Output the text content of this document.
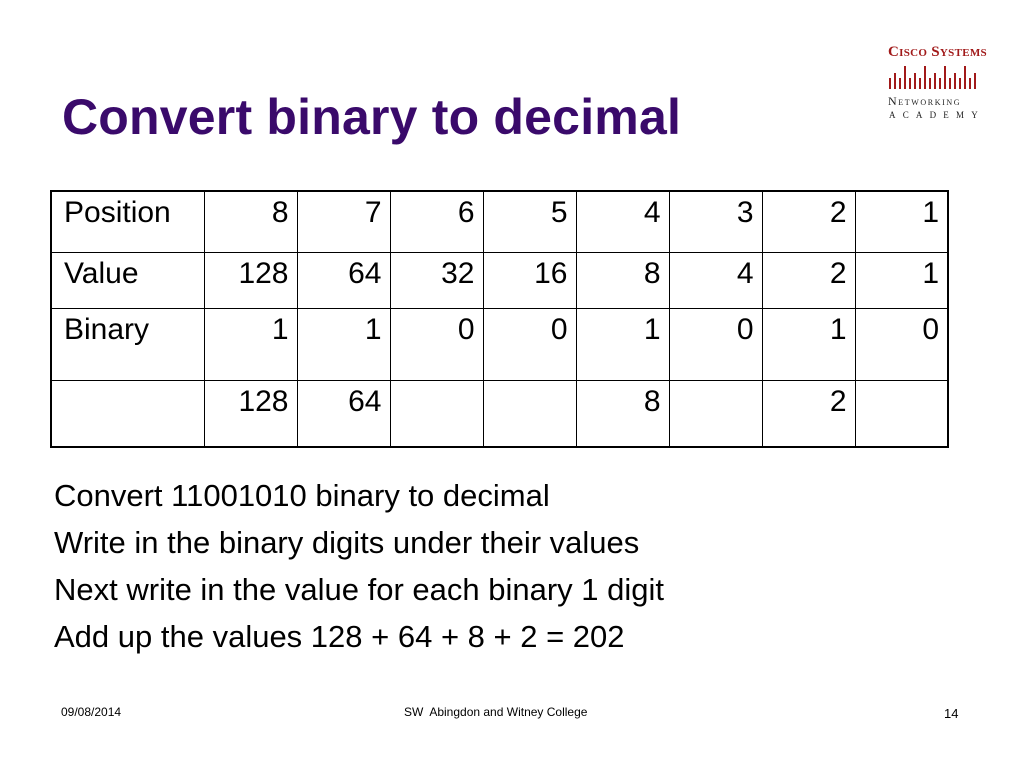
Convert binary to decimal
Cisco Systems
Networking
ACADEMY
Position	8	7	6	5	4	3	2	1
Value	128	64	32	16	8	4	2	1
Binary	1	1	0	0	1	0	1	0
	128	64			8		2	
Convert 11001010 binary to decimal
Write in the binary digits under their values
Next write in the value for each binary 1 digit
Add up the values 128 + 64 + 8 + 2 = 202
09/08/2014	SW  Abingdon and Witney College	14
